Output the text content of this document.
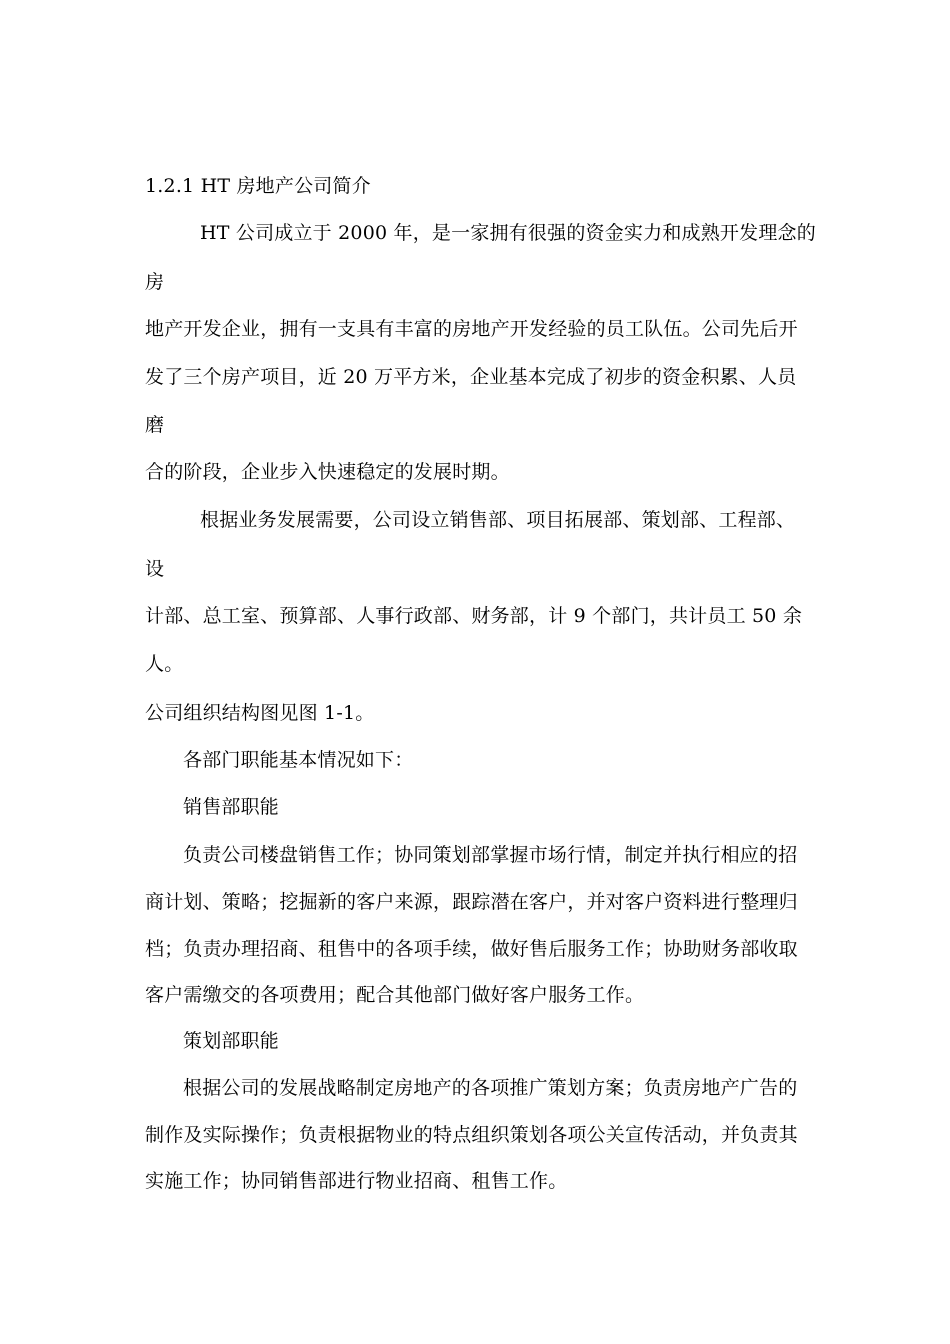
1.2.1 HT 房地产公司简介
HT 公司成立于 2000 年，是一家拥有很强的资金实力和成熟开发理念的
房
地产开发企业，拥有一支具有丰富的房地产开发经验的员工队伍。公司先后开
发了三个房产项目，近 20 万平方米，企业基本完成了初步的资金积累、人员
磨
合的阶段，企业步入快速稳定的发展时期。
根据业务发展需要，公司设立销售部、项目拓展部、策划部、工程部、
设
计部、总工室、预算部、人事行政部、财务部，计 9 个部门，共计员工 50 余
人。
公司组织结构图见图 1-1。
各部门职能基本情况如下：
销售部职能
负责公司楼盘销售工作；协同策划部掌握市场行情，制定并执行相应的招
商计划、策略；挖掘新的客户来源，跟踪潜在客户，并对客户资料进行整理归
档；负责办理招商、租售中的各项手续，做好售后服务工作；协助财务部收取
客户需缴交的各项费用；配合其他部门做好客户服务工作。
策划部职能
根据公司的发展战略制定房地产的各项推广策划方案；负责房地产广告的
制作及实际操作；负责根据物业的特点组织策划各项公关宣传活动，并负责其
实施工作；协同销售部进行物业招商、租售工作。
